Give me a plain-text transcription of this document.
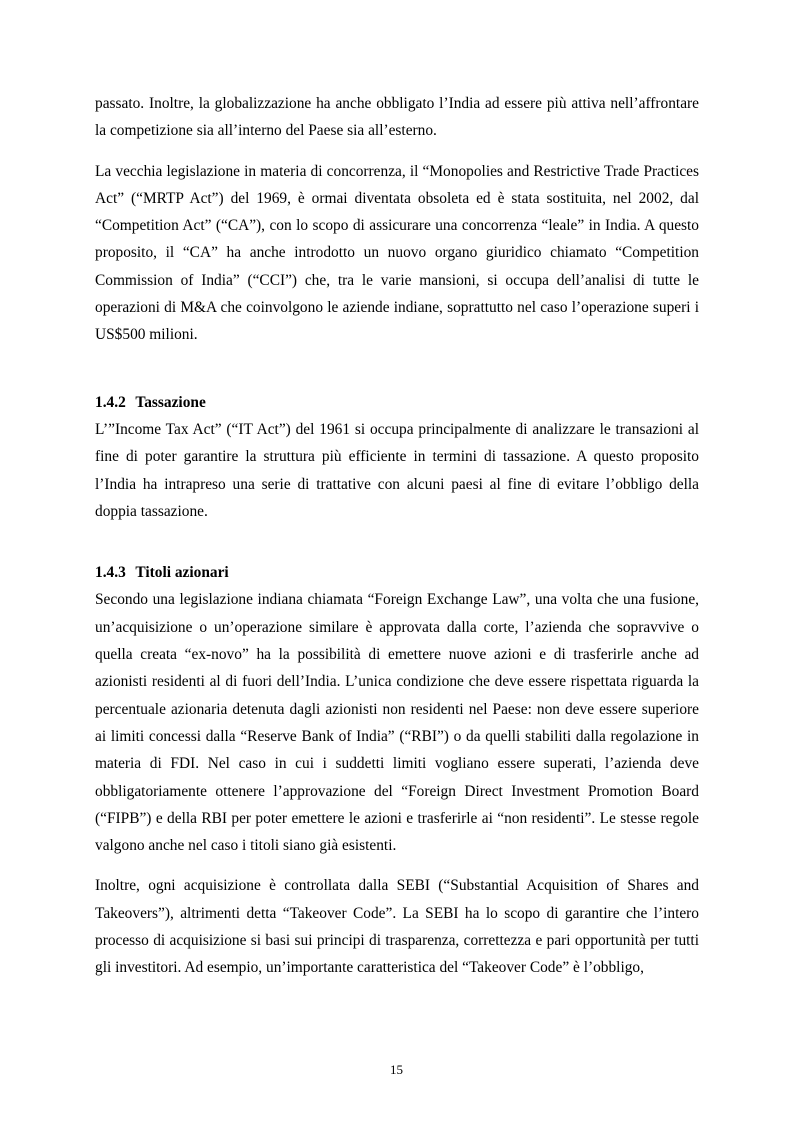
passato. Inoltre, la globalizzazione ha anche obbligato l’India ad essere più attiva nell’affrontare la competizione sia all’interno del Paese sia all’esterno.

La vecchia legislazione in materia di concorrenza, il “Monopolies and Restrictive Trade Practices Act” (“MRTP Act”) del 1969, è ormai diventata obsoleta ed è stata sostituita, nel 2002, dal “Competition Act” (“CA”), con lo scopo di assicurare una concorrenza “leale” in India. A questo proposito, il “CA” ha anche introdotto un nuovo organo giuridico chiamato “Competition Commission of India” (“CCI”) che, tra le varie mansioni, si occupa dell’analisi di tutte le operazioni di M&A che coinvolgono le aziende indiane, soprattutto nel caso l’operazione superi i US$500 milioni.

1.4.2 Tassazione

L’”Income Tax Act” (“IT Act”) del 1961 si occupa principalmente di analizzare le transazioni al fine di poter garantire la struttura più efficiente in termini di tassazione. A questo proposito l’India ha intrapreso una serie di trattative con alcuni paesi al fine di evitare l’obbligo della doppia tassazione.

1.4.3 Titoli azionari

Secondo una legislazione indiana chiamata “Foreign Exchange Law”, una volta che una fusione, un’acquisizione o un’operazione similare è approvata dalla corte, l’azienda che sopravvive o quella creata “ex-novo” ha la possibilità di emettere nuove azioni e di trasferirle anche ad azionisti residenti al di fuori dell’India. L’unica condizione che deve essere rispettata riguarda la percentuale azionaria detenuta dagli azionisti non residenti nel Paese: non deve essere superiore ai limiti concessi dalla “Reserve Bank of India” (“RBI”) o da quelli stabiliti dalla regolazione in materia di FDI. Nel caso in cui i suddetti limiti vogliano essere superati, l’azienda deve obbligatoriamente ottenere l’approvazione del “Foreign Direct Investment Promotion Board (“FIPB”) e della RBI per poter emettere le azioni e trasferirle ai “non residenti”. Le stesse regole valgono anche nel caso i titoli siano già esistenti.

Inoltre, ogni acquisizione è controllata dalla SEBI (“Substantial Acquisition of Shares and Takeovers”), altrimenti detta “Takeover Code”. La SEBI ha lo scopo di garantire che l’intero processo di acquisizione si basi sui principi di trasparenza, correttezza e pari opportunità per tutti gli investitori. Ad esempio, un’importante caratteristica del “Takeover Code” è l’obbligo,

15
